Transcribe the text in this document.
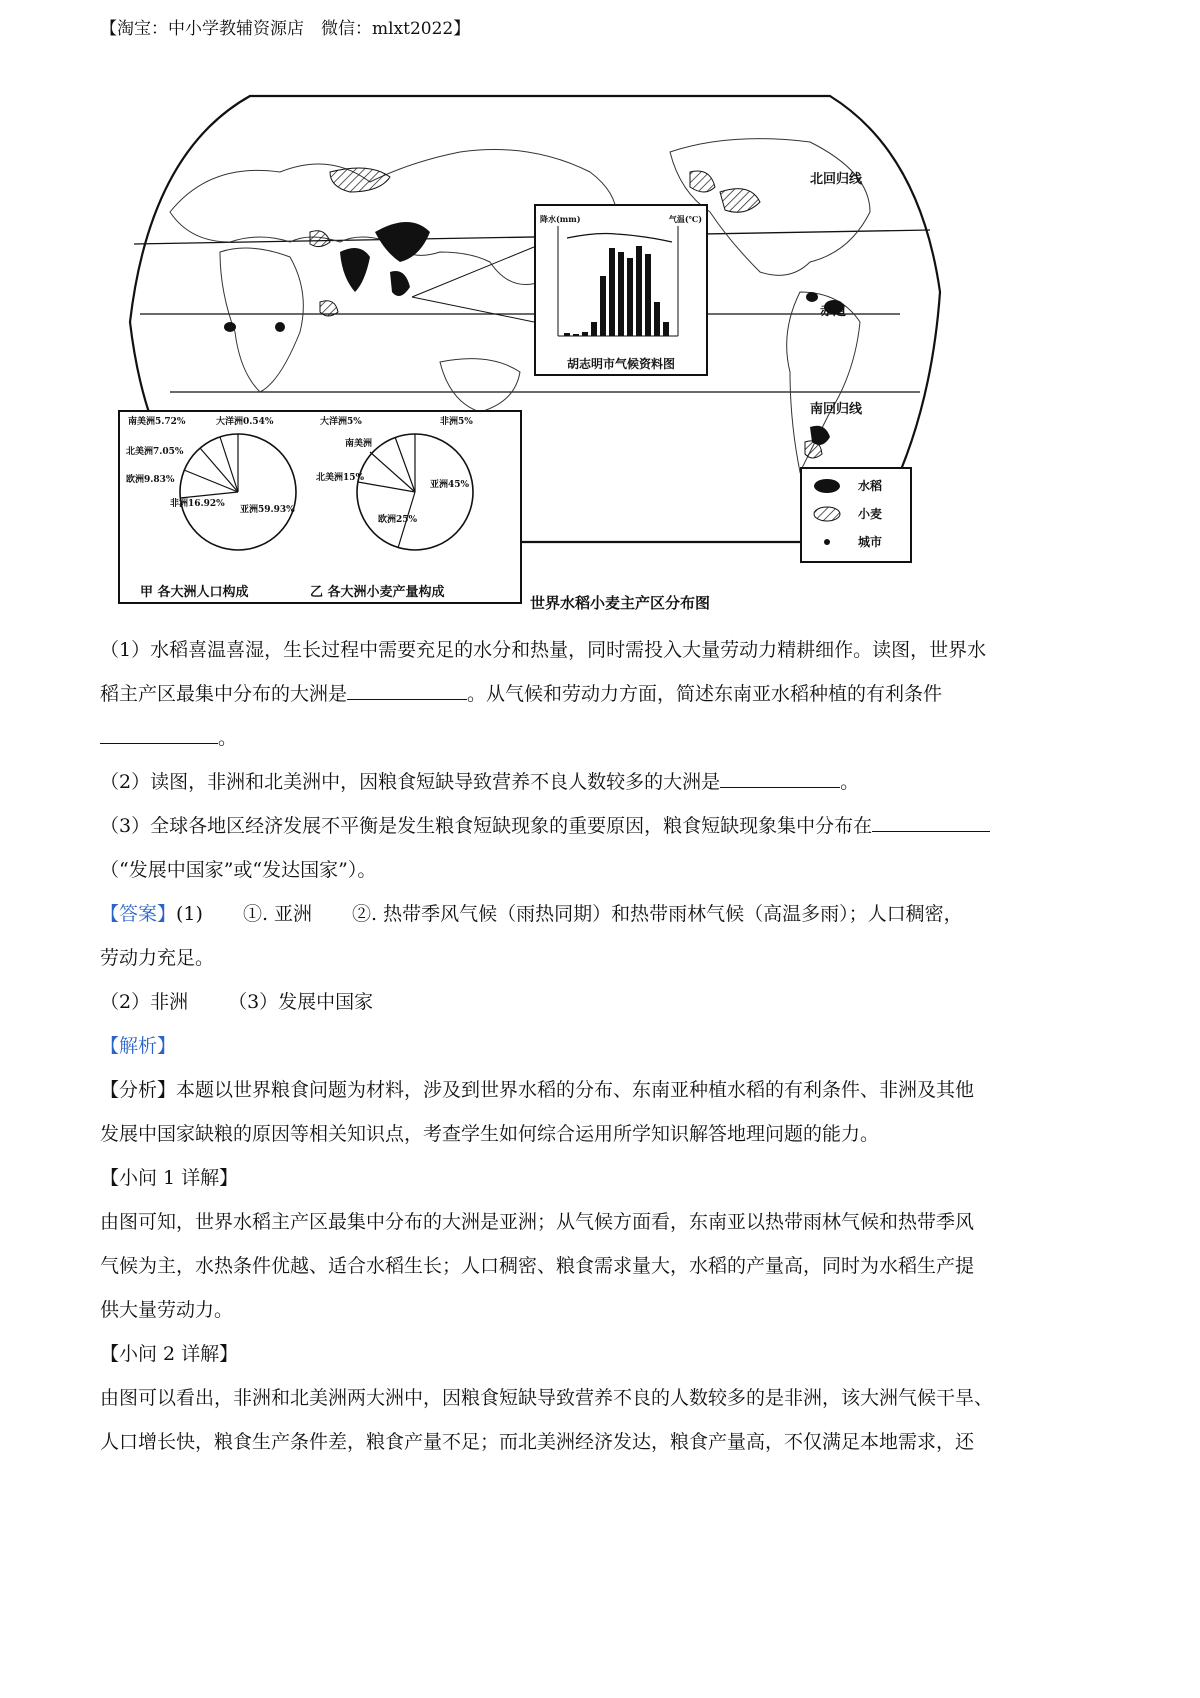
【淘宝：中小学教辅资源店　微信：mlxt2022】
北回归线
赤道
南回归线
降水(mm)	气温(℃)
胡志明市气候资料图
南美洲5.72%	大洋洲0.54%
北美洲7.05%
欧洲9.83%
非洲16.92%
亚洲59.93%
大洋洲5%	非洲5%
南美洲
北美洲15%
亚洲45%
欧洲25%
甲 各大洲人口构成	乙 各大洲小麦产量构成
水稻
小麦
城市
世界水稻小麦主产区分布图

（1）水稻喜温喜湿，生长过程中需要充足的水分和热量，同时需投入大量劳动力精耕细作。读图，世界水

稻主产区最集中分布的大洲是	。从气候和劳动力方面，简述东南亚水稻种植的有利条件

。

（2）读图，非洲和北美洲中，因粮食短缺导致营养不良人数较多的大洲是	。

（3）全球各地区经济发展不平衡是发生粮食短缺现象的重要原因，粮食短缺现象集中分布在

（“发展中国家”或“发达国家”）。

【答案】(1) ①. 亚洲 ②. 热带季风气候（雨热同期）和热带雨林气候（高温多雨）；人口稠密，

劳动力充足。

（2）非洲 （3）发展中国家

【解析】

【分析】本题以世界粮食问题为材料，涉及到世界水稻的分布、东南亚种植水稻的有利条件、非洲及其他

发展中国家缺粮的原因等相关知识点，考查学生如何综合运用所学知识解答地理问题的能力。

【小问 1 详解】

由图可知，世界水稻主产区最集中分布的大洲是亚洲；从气候方面看，东南亚以热带雨林气候和热带季风

气候为主，水热条件优越、适合水稻生长；人口稠密、粮食需求量大，水稻的产量高，同时为水稻生产提

供大量劳动力。

【小问 2 详解】

由图可以看出，非洲和北美洲两大洲中，因粮食短缺导致营养不良的人数较多的是非洲，该大洲气候干旱、

人口增长快，粮食生产条件差，粮食产量不足；而北美洲经济发达，粮食产量高，不仅满足本地需求，还
